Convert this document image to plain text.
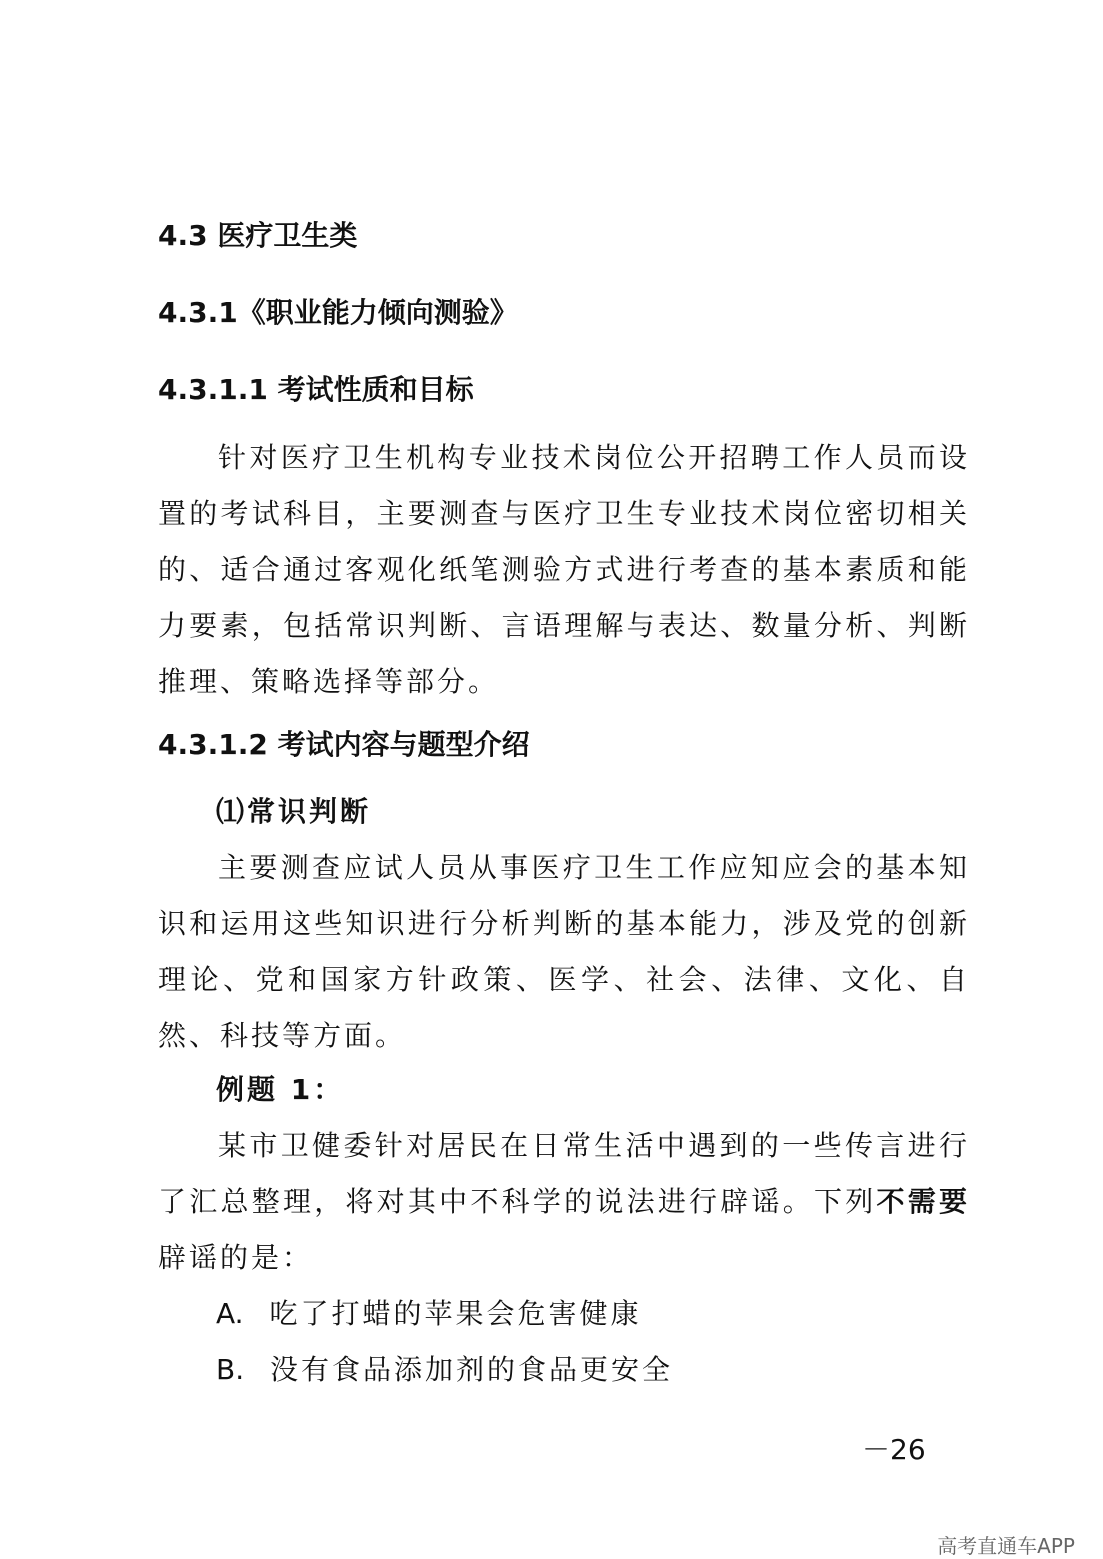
4.3 医疗卫生类
4.3.1《职业能力倾向测验》
4.3.1.1 考试性质和目标

针对医疗卫生机构专业技术岗位公开招聘工作人员而设置的考试科目，主要测查与医疗卫生专业技术岗位密切相关的、适合通过客观化纸笔测验方式进行考查的基本素质和能力要素，包括常识判断、言语理解与表达、数量分析、判断推理、策略选择等部分。

4.3.1.2 考试内容与题型介绍
⑴常识判断

主要测查应试人员从事医疗卫生工作应知应会的基本知识和运用这些知识进行分析判断的基本能力，涉及党的创新理论、党和国家方针政策、医学、社会、法律、文化、自然、科技等方面。

例题 1：

某市卫健委针对居民在日常生活中遇到的一些传言进行了汇总整理，将对其中不科学的说法进行辟谣。下列不需要辟谣的是：

A. 吃了打蜡的苹果会危害健康
B. 没有食品添加剂的食品更安全
－26
高考直通车APP
